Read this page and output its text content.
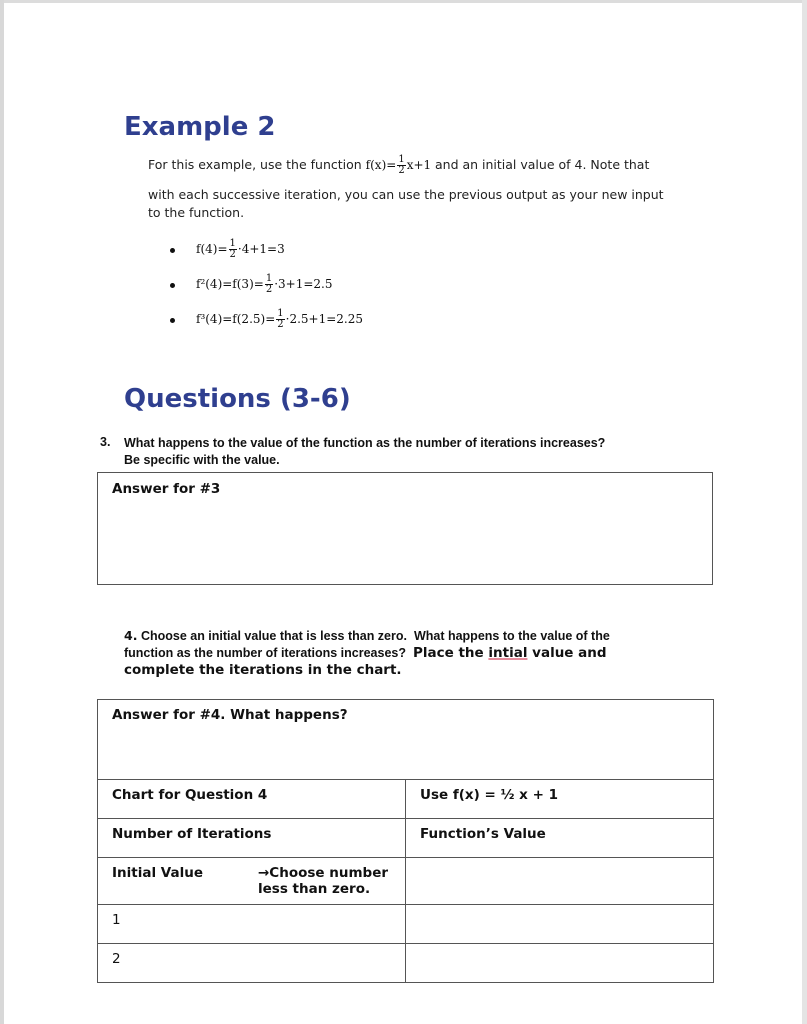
Example 2
For this example, use the function $f(x)= \frac{1}{2} x+1$ and an initial value of 4. Note that
with each successive iteration, you can use the previous output as your new input
to the function.
$f(4)= \frac{1}{2} \cdot 4+1=3$
$f^2(4)=f(3)= \frac{1}{2} \cdot 3+1=2.5$
$f^3(4)=f(2.5)= \frac{1}{2} \cdot 2.5+1=2.25$
Questions (3-6)
3. What happens to the value of the function as the number of iterations increases?
Be specific with the value.
Answer for #3
4. Choose an initial value that is less than zero. What happens to the value of the
function as the number of iterations increases? Place the intial value and
complete the iterations in the chart.
Answer for #4. What happens?	
Chart for Question 4	Use f(x) = ½ x + 1
Number of Iterations	Function’s Value

Initial Value →Choose number
less than zero.	

1	
2	
